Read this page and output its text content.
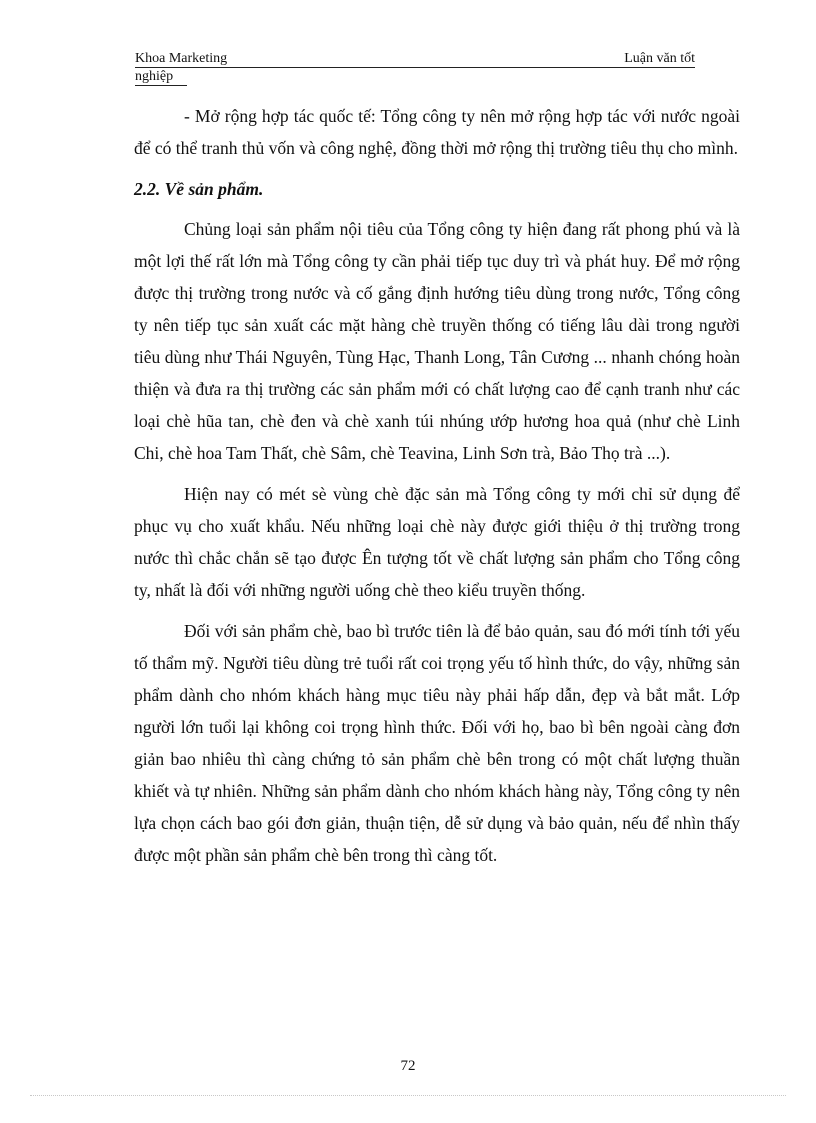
Khoa Marketing	Luận văn tốt
nghiệp

- Mở rộng hợp tác quốc tế: Tổng công ty nên mở rộng hợp tác với nước ngoài để có thể tranh thủ vốn và công nghệ, đồng thời mở rộng thị trường tiêu thụ cho mình.

2.2. Về sản phẩm.

Chủng loại sản phẩm nội tiêu của Tổng công ty hiện đang rất phong phú và là một lợi thế rất lớn mà Tổng công ty cần phải tiếp tục duy trì và phát huy. Để mở rộng được thị trường trong nước và cố gắng định hướng tiêu dùng trong nước, Tổng công ty nên tiếp tục sản xuất các mặt hàng chè truyền thống có tiếng lâu dài trong người tiêu dùng như Thái Nguyên, Tùng Hạc, Thanh Long, Tân Cương ... nhanh chóng hoàn thiện và đưa ra thị trường các sản phẩm mới có chất lượng cao để cạnh tranh như các loại chè hũa tan, chè đen và chè xanh túi nhúng ướp hương hoa quả (như chè Linh Chi, chè hoa Tam Thất, chè Sâm, chè Teavina, Linh Sơn trà, Bảo Thọ trà ...).

Hiện nay có mét sè vùng chè đặc sản mà Tổng công ty mới chỉ sử dụng để phục vụ cho xuất khẩu. Nếu những loại chè này được giới thiệu ở thị trường trong nước thì chắc chắn sẽ tạo được Ên tượng tốt về chất lượng sản phẩm cho Tổng công ty, nhất là đối với những người uống chè theo kiểu truyền thống.

Đối với sản phẩm chè, bao bì trước tiên là để bảo quản, sau đó mới tính tới yếu tố thẩm mỹ. Người tiêu dùng trẻ tuổi rất coi trọng yếu tố hình thức, do vậy, những sản phẩm dành cho nhóm khách hàng mục tiêu này phải hấp dẫn, đẹp và bắt mắt. Lớp người lớn tuổi lại không coi trọng hình thức. Đối với họ, bao bì bên ngoài càng đơn giản bao nhiêu thì càng chứng tỏ sản phẩm chè bên trong có một chất lượng thuần khiết và tự nhiên. Những sản phẩm dành cho nhóm khách hàng này, Tổng công ty nên lựa chọn cách bao gói đơn giản, thuận tiện, dễ sử dụng và bảo quản, nếu để nhìn thấy được một phần sản phẩm chè bên trong thì càng tốt.

72
